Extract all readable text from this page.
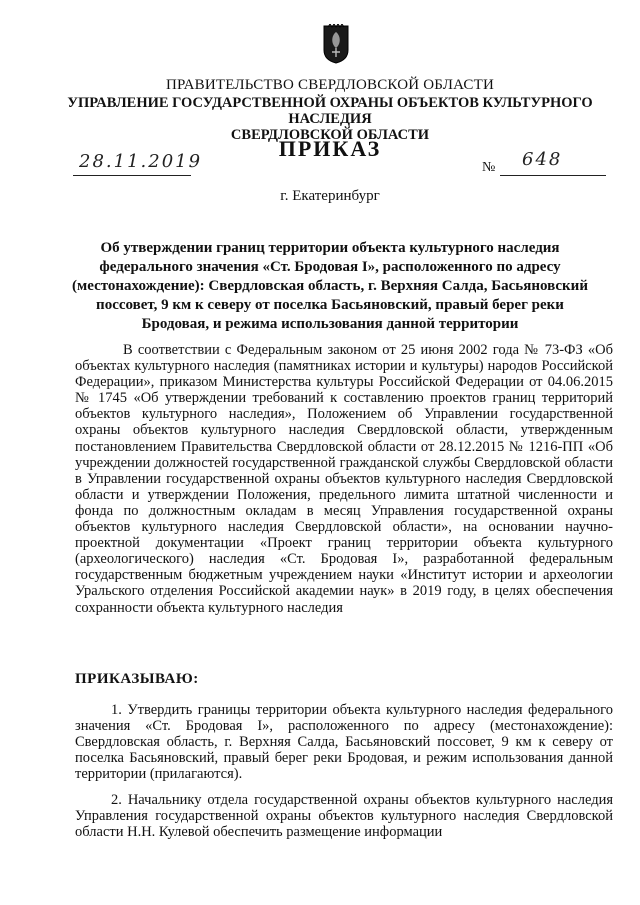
ПРАВИТЕЛЬСТВО СВЕРДЛОВСКОЙ ОБЛАСТИ
УПРАВЛЕНИЕ ГОСУДАРСТВЕННОЙ ОХРАНЫ ОБЪЕКТОВ КУЛЬТУРНОГО НАСЛЕДИЯ
СВЕРДЛОВСКОЙ ОБЛАСТИ
ПРИКАЗ
28.11.2019	№ 648
г. Екатеринбург
Об утверждении границ территории объекта культурного наследия федерального значения «Ст. Бродовая I», расположенного по адресу (местонахождение): Свердловская область, г. Верхняя Салда, Басьяновский поссовет, 9 км к северу от поселка Басьяновский, правый берег реки Бродовая, и режима использования данной территории
В соответствии с Федеральным законом от 25 июня 2002 года № 73-ФЗ «Об объектах культурного наследия (памятниках истории и культуры) народов Российской Федерации», приказом Министерства культуры Российской Федерации от 04.06.2015 № 1745 «Об утверждении требований к составлению проектов границ территорий объектов культурного наследия», Положением об Управлении государственной охраны объектов культурного наследия Свердловской области, утвержденным постановлением Правительства Свердловской области от 28.12.2015 № 1216-ПП «Об учреждении должностей государственной гражданской службы Свердловской области в Управлении государственной охраны объектов культурного наследия Свердловской области и утверждении Положения, предельного лимита штатной численности и фонда по должностным окладам в месяц Управления государственной охраны объектов культурного наследия Свердловской области», на основании научно-проектной документации «Проект границ территории объекта культурного (археологического) наследия «Ст. Бродовая I», разработанной федеральным государственным бюджетным учреждением науки «Институт истории и археологии Уральского отделения Российской академии наук» в 2019 году, в целях обеспечения сохранности объекта культурного наследия
ПРИКАЗЫВАЮ:
1. Утвердить границы территории объекта культурного наследия федерального значения «Ст. Бродовая I», расположенного по адресу (местонахождение): Свердловская область, г. Верхняя Салда, Басьяновский поссовет, 9 км к северу от поселка Басьяновский, правый берег реки Бродовая, и режим использования данной территории (прилагаются).
2. Начальнику отдела государственной охраны объектов культурного наследия Управления государственной охраны объектов культурного наследия Свердловской области Н.Н. Кулевой обеспечить размещение информации
